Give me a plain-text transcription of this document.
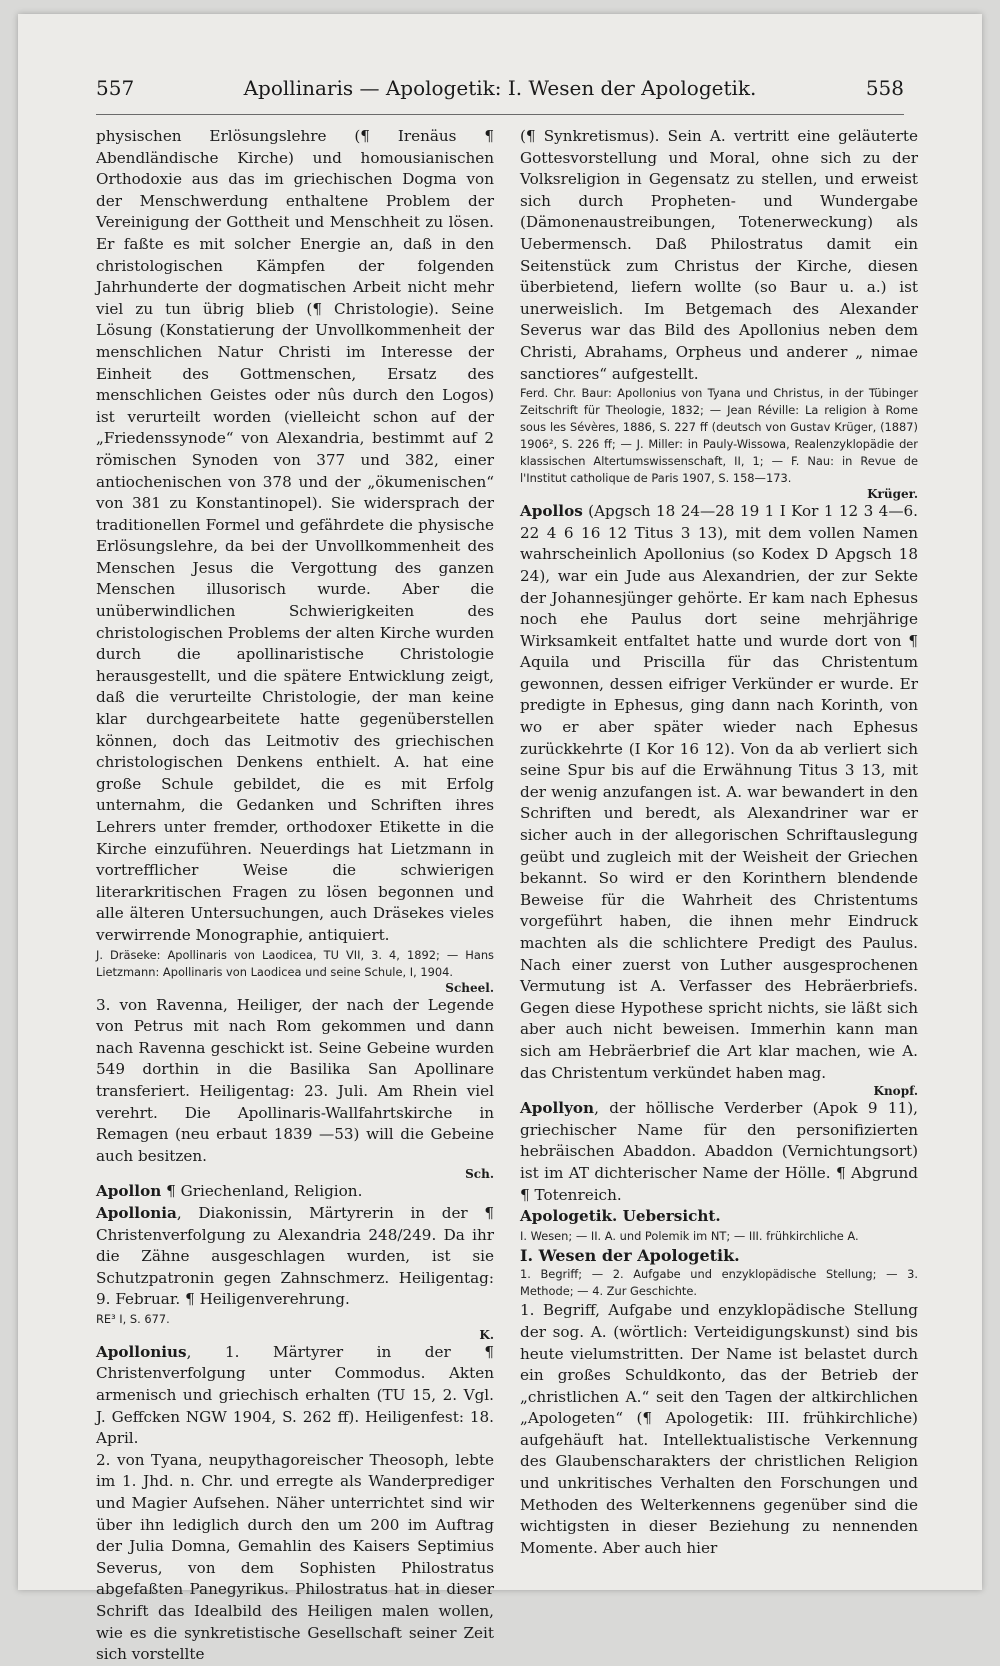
557	Apollinaris — Apologetik: I. Wesen der Apologetik.	558

physischen Erlösungslehre (¶ Irenäus ¶ Abendländische Kirche) und homousianischen Orthodoxie aus das im griechischen Dogma von der Menschwerdung enthaltene Problem der Vereinigung der Gottheit und Menschheit zu lösen. Er faßte es mit solcher Energie an, daß in den christologischen Kämpfen der folgenden Jahrhunderte der dogmatischen Arbeit nicht mehr viel zu tun übrig blieb (¶ Christologie). Seine Lösung (Konstatierung der Unvollkommenheit der menschlichen Natur Christi im Interesse der Einheit des Gottmenschen, Ersatz des menschlichen Geistes oder nûs durch den Logos) ist verurteilt worden (vielleicht schon auf der „Friedenssynode“ von Alexandria, bestimmt auf 2 römischen Synoden von 377 und 382, einer antiochenischen von 378 und der „ökumenischen“ von 381 zu Konstantinopel). Sie widersprach der traditionellen Formel und gefährdete die physische Erlösungslehre, da bei der Unvollkommenheit des Menschen Jesus die Vergottung des ganzen Menschen illusorisch wurde. Aber die unüberwindlichen Schwierigkeiten des christologischen Problems der alten Kirche wurden durch die apollinaristische Christologie herausgestellt, und die spätere Entwicklung zeigt, daß die verurteilte Christologie, der man keine klar durchgearbeitete hatte gegenüberstellen können, doch das Leitmotiv des griechischen christologischen Denkens enthielt. A. hat eine große Schule gebildet, die es mit Erfolg unternahm, die Gedanken und Schriften ihres Lehrers unter fremder, orthodoxer Etikette in die Kirche einzuführen. Neuerdings hat Lietzmann in vortrefflicher Weise die schwierigen literarkritischen Fragen zu lösen begonnen und alle älteren Untersuchungen, auch Dräsekes vieles verwirrende Monographie, antiquiert.

J. Dräseke: Apollinaris von Laodicea, TU VII, 3. 4, 1892; — Hans Lietzmann: Apollinaris von Laodicea und seine Schule, I, 1904.

Scheel.

3. von Ravenna, Heiliger, der nach der Legende von Petrus mit nach Rom gekommen und dann nach Ravenna geschickt ist. Seine Gebeine wurden 549 dorthin in die Basilika San Apollinare transferiert. Heiligentag: 23. Juli. Am Rhein viel verehrt. Die Apollinaris-Wallfahrtskirche in Remagen (neu erbaut 1839 —53) will die Gebeine auch besitzen.

Sch.

Apollon ¶ Griechenland, Religion.

Apollonia, Diakonissin, Märtyrerin in der ¶ Christenverfolgung zu Alexandria 248/249. Da ihr die Zähne ausgeschlagen wurden, ist sie Schutzpatronin gegen Zahnschmerz. Heiligentag: 9. Februar. ¶ Heiligenverehrung.

RE³ I, S. 677.

K.

Apollonius, 1. Märtyrer in der ¶ Christenverfolgung unter Commodus. Akten armenisch und griechisch erhalten (TU 15, 2. Vgl. J. Geffcken NGW 1904, S. 262 ff). Heiligenfest: 18. April.

2. von Tyana, neupythagoreischer Theosoph, lebte im 1. Jhd. n. Chr. und erregte als Wanderprediger und Magier Aufsehen. Näher unterrichtet sind wir über ihn lediglich durch den um 200 im Auftrag der Julia Domna, Gemahlin des Kaisers Septimius Severus, von dem Sophisten Philostratus abgefaßten Panegyrikus. Philostratus hat in dieser Schrift das Idealbild des Heiligen malen wollen, wie es die synkretistische Gesellschaft seiner Zeit sich vorstellte

(¶ Synkretismus). Sein A. vertritt eine geläuterte Gottesvorstellung und Moral, ohne sich zu der Volksreligion in Gegensatz zu stellen, und erweist sich durch Propheten- und Wundergabe (Dämonenaustreibungen, Totenerweckung) als Uebermensch. Daß Philostratus damit ein Seitenstück zum Christus der Kirche, diesen überbietend, liefern wollte (so Baur u. a.) ist unerweislich. Im Betgemach des Alexander Severus war das Bild des Apollonius neben dem Christi, Abrahams, Orpheus und anderer „ nimae sanctiores“ aufgestellt.

Ferd. Chr. Baur: Apollonius von Tyana und Christus, in der Tübinger Zeitschrift für Theologie, 1832; — Jean Réville: La religion à Rome sous les Sévères, 1886, S. 227 ff (deutsch von Gustav Krüger, (1887) 1906², S. 226 ff; — J. Miller: in Pauly-Wissowa, Realenzyklopädie der klassischen Altertumswissenschaft, II, 1; — F. Nau: in Revue de l'Institut catholique de Paris 1907, S. 158—173.

Krüger.

Apollos (Apgsch 18 24—28 19 1 I Kor 1 12 3 4—6. 22 4 6 16 12 Titus 3 13), mit dem vollen Namen wahrscheinlich Apollonius (so Kodex D Apgsch 18 24), war ein Jude aus Alexandrien, der zur Sekte der Johannesjünger gehörte. Er kam nach Ephesus noch ehe Paulus dort seine mehrjährige Wirksamkeit entfaltet hatte und wurde dort von ¶ Aquila und Priscilla für das Christentum gewonnen, dessen eifriger Verkünder er wurde. Er predigte in Ephesus, ging dann nach Korinth, von wo er aber später wieder nach Ephesus zurückkehrte (I Kor 16 12). Von da ab verliert sich seine Spur bis auf die Erwähnung Titus 3 13, mit der wenig anzufangen ist. A. war bewandert in den Schriften und beredt, als Alexandriner war er sicher auch in der allegorischen Schriftauslegung geübt und zugleich mit der Weisheit der Griechen bekannt. So wird er den Korinthern blendende Beweise für die Wahrheit des Christentums vorgeführt haben, die ihnen mehr Eindruck machten als die schlichtere Predigt des Paulus. Nach einer zuerst von Luther ausgesprochenen Vermutung ist A. Verfasser des Hebräerbriefs. Gegen diese Hypothese spricht nichts, sie läßt sich aber auch nicht beweisen. Immerhin kann man sich am Hebräerbrief die Art klar machen, wie A. das Christentum verkündet haben mag.

Knopf.

Apollyon, der höllische Verderber (Apok 9 11), griechischer Name für den personifizierten hebräischen Abaddon. Abaddon (Vernichtungsort) ist im AT dichterischer Name der Hölle. ¶ Abgrund ¶ Totenreich.

Apologetik. Uebersicht.

I. Wesen; — II. A. und Polemik im NT; — III. frühkirchliche A.

I. Wesen der Apologetik.

1. Begriff; — 2. Aufgabe und enzyklopädische Stellung; — 3. Methode; — 4. Zur Geschichte.

1. Begriff, Aufgabe und enzyklopädische Stellung der sog. A. (wörtlich: Verteidigungskunst) sind bis heute vielumstritten. Der Name ist belastet durch ein großes Schuldkonto, das der Betrieb der „christlichen A.“ seit den Tagen der altkirchlichen „Apologeten“ (¶ Apologetik: III. frühkirchliche) aufgehäuft hat. Intellektualistische Verkennung des Glaubenscharakters der christlichen Religion und unkritisches Verhalten den Forschungen und Methoden des Welterkennens gegenüber sind die wichtigsten in dieser Beziehung zu nennenden Momente. Aber auch hier
